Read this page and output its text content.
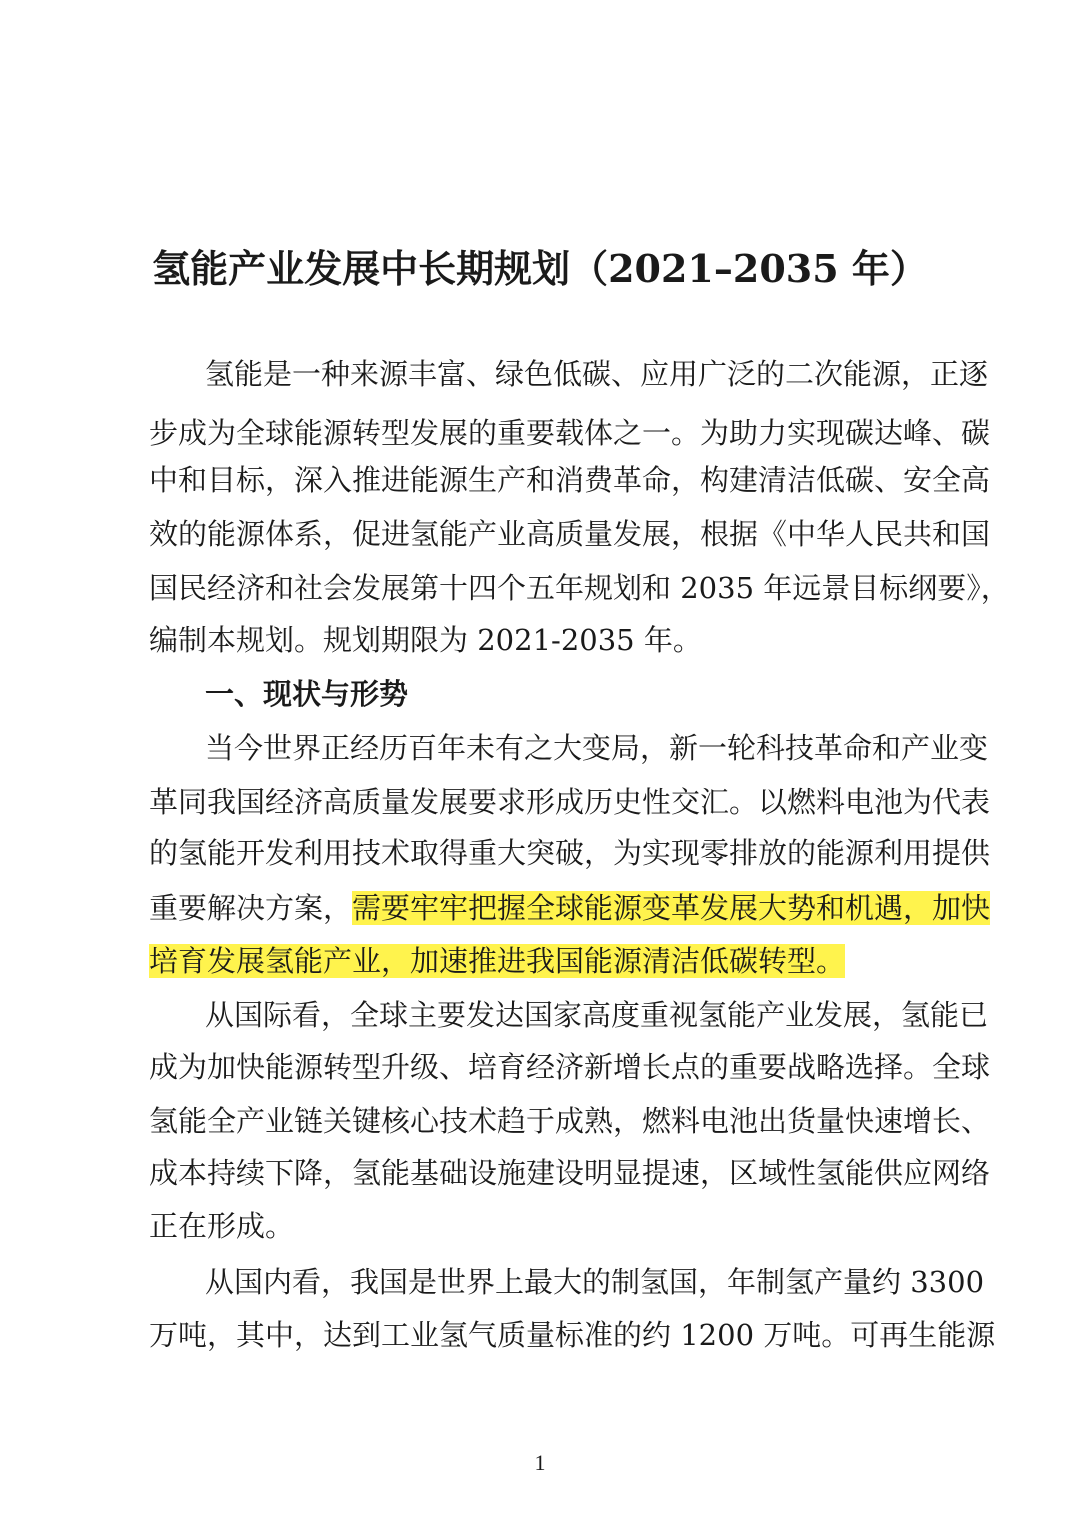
氢能产业发展中长期规划（2021–2035 年）
氢能是一种来源丰富、绿色低碳、应用广泛的二次能源，正逐
步成为全球能源转型发展的重要载体之一。为助力实现碳达峰、碳
中和目标，深入推进能源生产和消费革命，构建清洁低碳、安全高
效的能源体系，促进氢能产业高质量发展，根据《中华人民共和国
国民经济和社会发展第十四个五年规划和 2035 年远景目标纲要》，
编制本规划。规划期限为 2021-2035 年。
一、现状与形势
当今世界正经历百年未有之大变局，新一轮科技革命和产业变
革同我国经济高质量发展要求形成历史性交汇。以燃料电池为代表
的氢能开发利用技术取得重大突破，为实现零排放的能源利用提供
重要解决方案，需要牢牢把握全球能源变革发展大势和机遇，加快
培育发展氢能产业，加速推进我国能源清洁低碳转型。
从国际看，全球主要发达国家高度重视氢能产业发展，氢能已
成为加快能源转型升级、培育经济新增长点的重要战略选择。全球
氢能全产业链关键核心技术趋于成熟，燃料电池出货量快速增长、
成本持续下降，氢能基础设施建设明显提速，区域性氢能供应网络
正在形成。
从国内看，我国是世界上最大的制氢国，年制氢产量约 3300
万吨，其中，达到工业氢气质量标准的约 1200 万吨。可再生能源
1
